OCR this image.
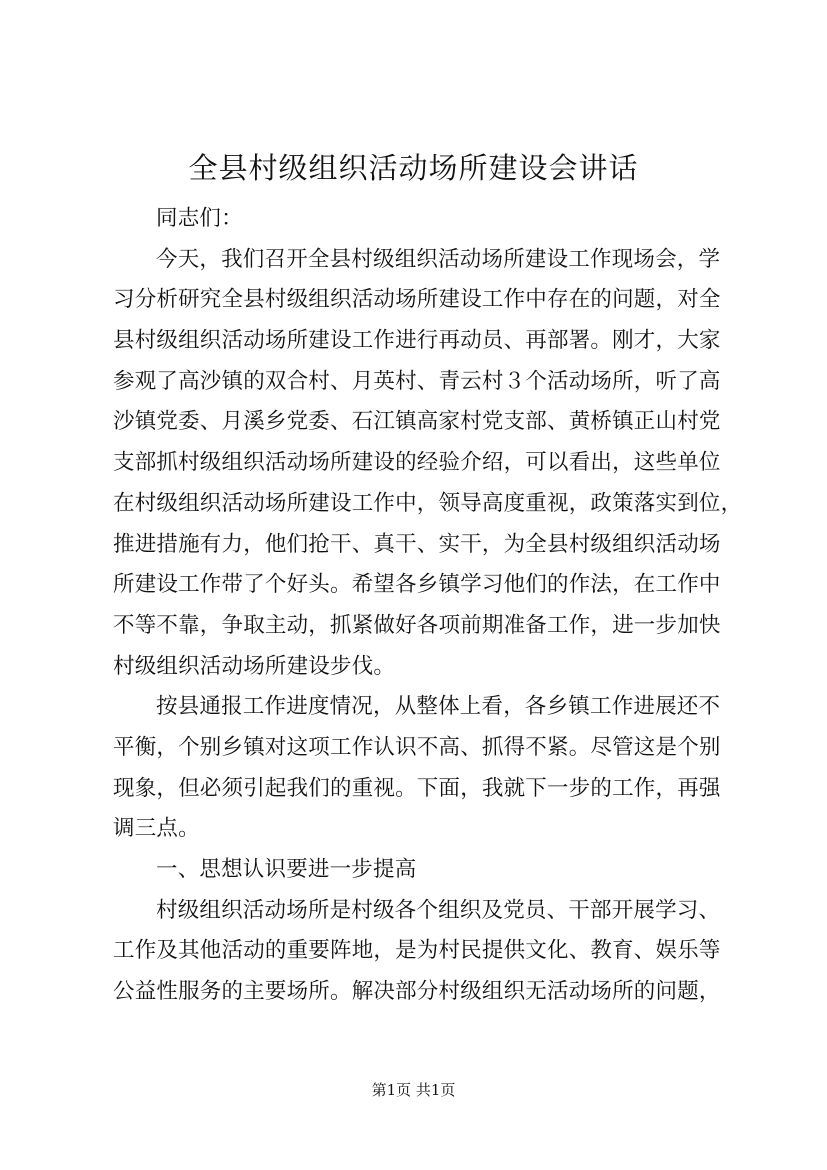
全县村级组织活动场所建设会讲话
同志们：
今天，我们召开全县村级组织活动场所建设工作现场会，学
习分析研究全县村级组织活动场所建设工作中存在的问题，对全
县村级组织活动场所建设工作进行再动员、再部署。刚才，大家
参观了高沙镇的双合村、月英村、青云村３个活动场所，听了高
沙镇党委、月溪乡党委、石江镇高家村党支部、黄桥镇正山村党
支部抓村级组织活动场所建设的经验介绍，可以看出，这些单位
在村级组织活动场所建设工作中，领导高度重视，政策落实到位，
推进措施有力，他们抢干、真干、实干，为全县村级组织活动场
所建设工作带了个好头。希望各乡镇学习他们的作法，在工作中
不等不靠，争取主动，抓紧做好各项前期准备工作，进一步加快
村级组织活动场所建设步伐。
按县通报工作进度情况，从整体上看，各乡镇工作进展还不
平衡，个别乡镇对这项工作认识不高、抓得不紧。尽管这是个别
现象，但必须引起我们的重视。下面，我就下一步的工作，再强
调三点。
一、思想认识要进一步提高
村级组织活动场所是村级各个组织及党员、干部开展学习、
工作及其他活动的重要阵地，是为村民提供文化、教育、娱乐等
公益性服务的主要场所。解决部分村级组织无活动场所的问题，
第1页 共1页
